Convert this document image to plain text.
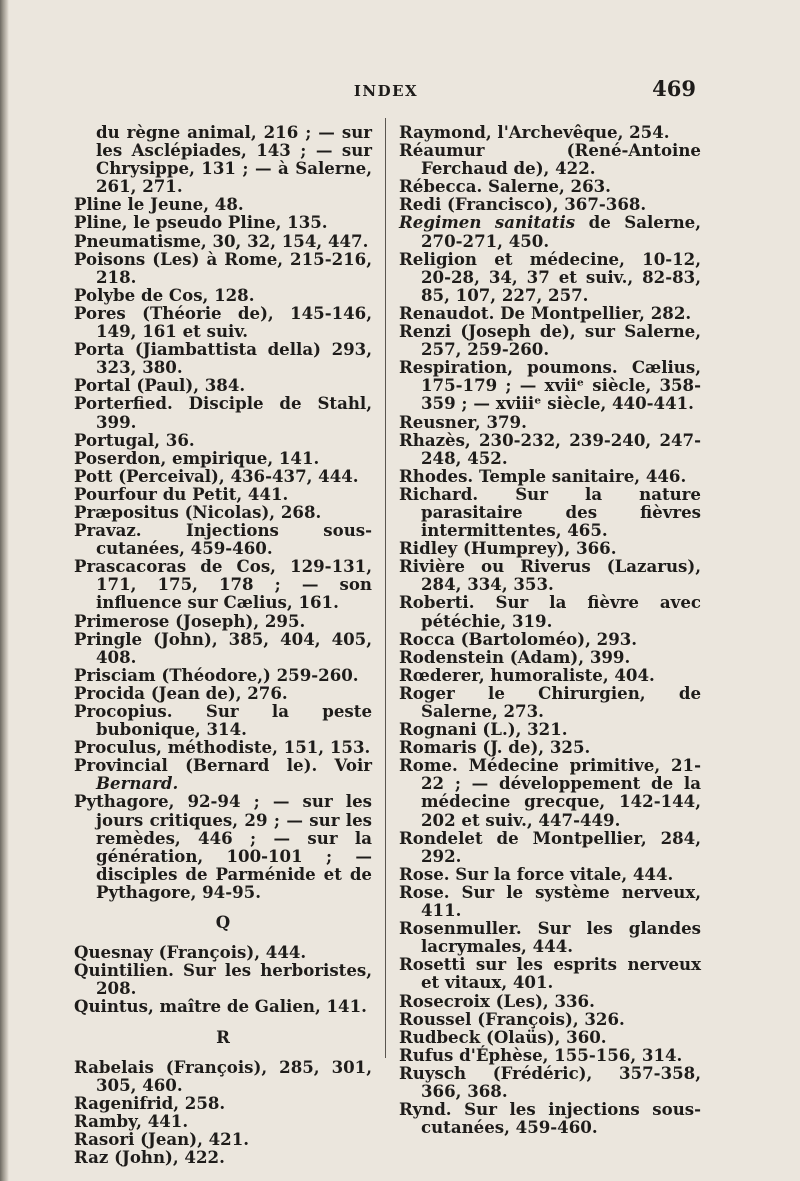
INDEX	469

du règne animal, 216 ; — sur les Asclépiades, 143 ; — sur Chrysippe, 131 ; — à Salerne, 261, 271.

Pline le Jeune, 48.

Pline, le pseudo Pline, 135.

Pneumatisme, 30, 32, 154, 447.

Poisons (Les) à Rome, 215-216, 218.

Polybe de Cos, 128.

Pores (Théorie de), 145-146, 149, 161 et suiv.

Porta (Jiambattista della) 293, 323, 380.

Portal (Paul), 384.

Porterfied. Disciple de Stahl, 399.

Portugal, 36.

Poserdon, empirique, 141.

Pott (Perceival), 436-437, 444.

Pourfour du Petit, 441.

Præpositus (Nicolas), 268.

Pravaz. Injections sous-cutanées, 459-460.

Prascacoras de Cos, 129-131, 171, 175, 178 ; — son influence sur Cælius, 161.

Primerose (Joseph), 295.

Pringle (John), 385, 404, 405, 408.

Prisciam (Théodore,) 259-260.

Procida (Jean de), 276.

Procopius. Sur la peste bubonique, 314.

Proculus, méthodiste, 151, 153.

Provincial (Bernard le). Voir Bernard.

Pythagore, 92-94 ; — sur les jours critiques, 29 ; — sur les remèdes, 446 ; — sur la génération, 100-101 ; — disciples de Parménide et de Pythagore, 94-95.

Q

Quesnay (François), 444.

Quintilien. Sur les herboristes, 208.

Quintus, maître de Galien, 141.

R

Rabelais (François), 285, 301, 305, 460.

Ragenifrid, 258.

Ramby, 441.

Rasori (Jean), 421.

Raz (John), 422.

Raymond, l'Archevêque, 254.

Réaumur (René-Antoine Ferchaud de), 422.

Rébecca. Salerne, 263.

Redi (Francisco), 367-368.

Regimen sanitatis de Salerne, 270-271, 450.

Religion et médecine, 10-12, 20-28, 34, 37 et suiv., 82-83, 85, 107, 227, 257.

Renaudot. De Montpellier, 282.

Renzi (Joseph de), sur Salerne, 257, 259-260.

Respiration, poumons. Cælius, 175-179 ; — xviiᵉ siècle, 358-359 ; — xviiiᵉ siècle, 440-441.

Reusner, 379.

Rhazès, 230-232, 239-240, 247-248, 452.

Rhodes. Temple sanitaire, 446.

Richard. Sur la nature parasitaire des fièvres intermittentes, 465.

Ridley (Humprey), 366.

Rivière ou Riverus (Lazarus), 284, 334, 353.

Roberti. Sur la fièvre avec pétéchie, 319.

Rocca (Bartoloméo), 293.

Rodenstein (Adam), 399.

Rœderer, humoraliste, 404.

Roger le Chirurgien, de Salerne, 273.

Rognani (L.), 321.

Romaris (J. de), 325.

Rome. Médecine primitive, 21-22 ; — développement de la médecine grecque, 142-144, 202 et suiv., 447-449.

Rondelet de Montpellier, 284, 292.

Rose. Sur la force vitale, 444.

Rose. Sur le système nerveux, 411.

Rosenmuller. Sur les glandes lacrymales, 444.

Rosetti sur les esprits nerveux et vitaux, 401.

Rosecroix (Les), 336.

Roussel (François), 326.

Rudbeck (Olaüs), 360.

Rufus d'Éphèse, 155-156, 314.

Ruysch (Frédéric), 357-358, 366, 368.

Rynd. Sur les injections sous-cutanées, 459-460.
